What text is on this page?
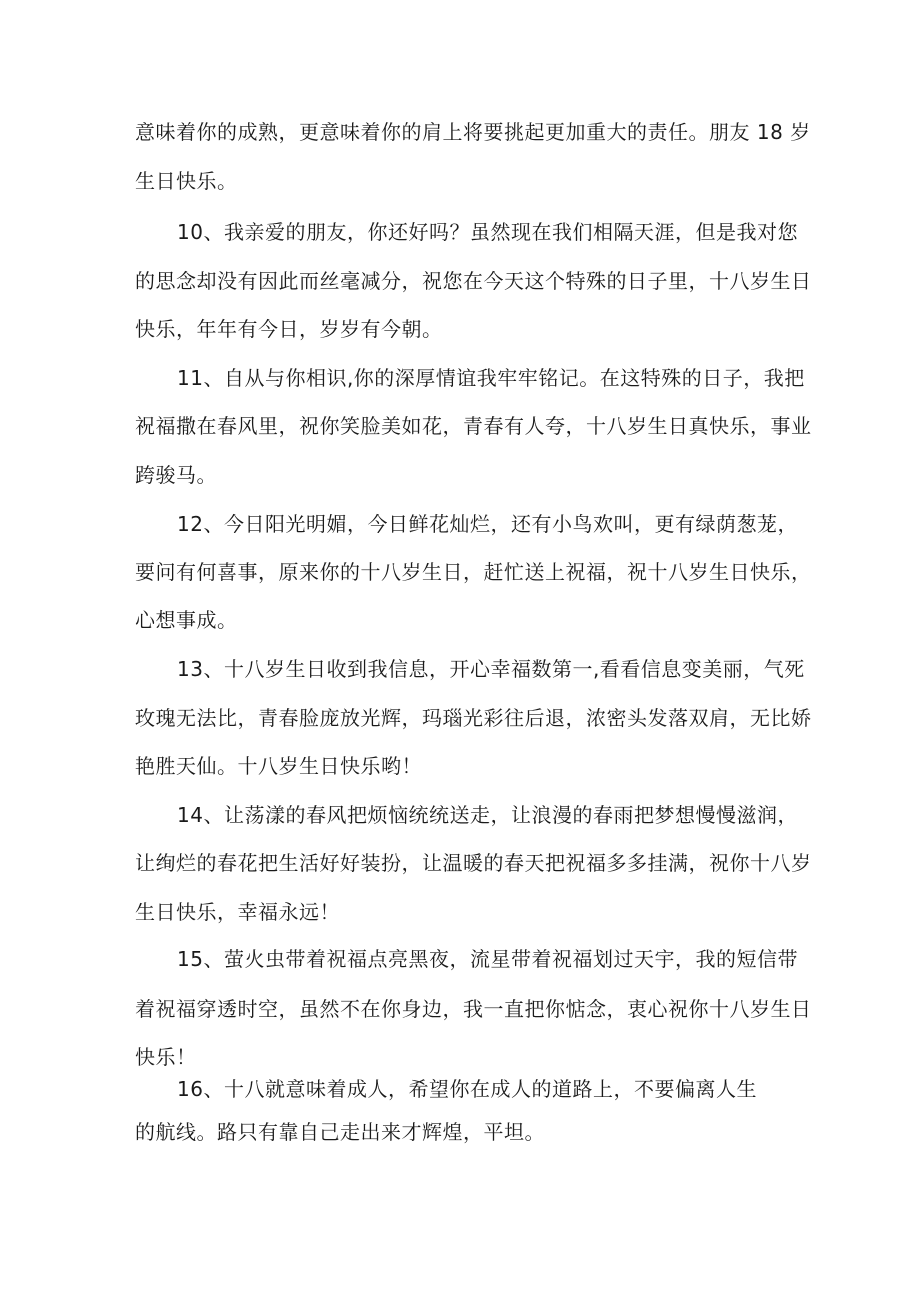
意味着你的成熟，更意味着你的肩上将要挑起更加重大的责任。朋友 18 岁
生日快乐。
10、我亲爱的朋友，你还好吗？虽然现在我们相隔天涯，但是我对您
的思念却没有因此而丝毫减分，祝您在今天这个特殊的日子里，十八岁生日
快乐，年年有今日，岁岁有今朝。
11、自从与你相识,你的深厚情谊我牢牢铭记。在这特殊的日子，我把
祝福撒在春风里，祝你笑脸美如花，青春有人夸，十八岁生日真快乐，事业
跨骏马。
12、今日阳光明媚，今日鲜花灿烂，还有小鸟欢叫，更有绿荫葱茏，
要问有何喜事，原来你的十八岁生日，赶忙送上祝福，祝十八岁生日快乐，
心想事成。
13、十八岁生日收到我信息，开心幸福数第一,看看信息变美丽，气死
玫瑰无法比，青春脸庞放光辉，玛瑙光彩往后退，浓密头发落双肩，无比娇
艳胜天仙。十八岁生日快乐哟！
14、让荡漾的春风把烦恼统统送走，让浪漫的春雨把梦想慢慢滋润，
让绚烂的春花把生活好好装扮，让温暖的春天把祝福多多挂满，祝你十八岁
生日快乐，幸福永远！
15、萤火虫带着祝福点亮黑夜，流星带着祝福划过天宇，我的短信带
着祝福穿透时空，虽然不在你身边，我一直把你惦念，衷心祝你十八岁生日
快乐！
16、十八就意味着成人，希望你在成人的道路上，不要偏离人生
的航线。路只有靠自己走出来才辉煌，平坦。
